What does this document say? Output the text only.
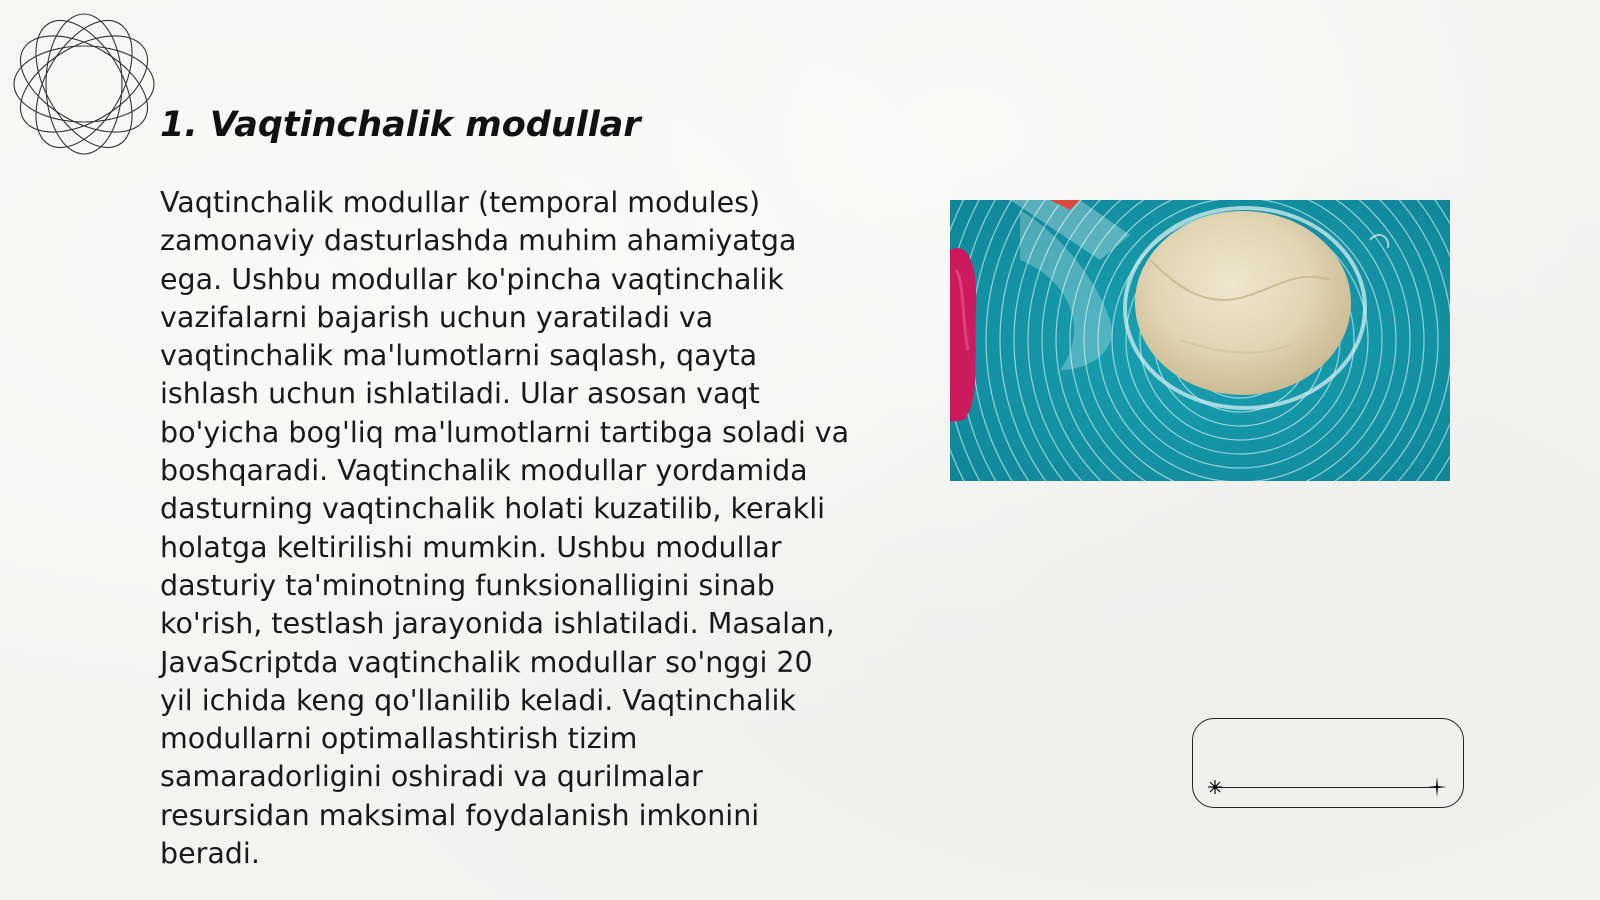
1. Vaqtinchalik modullar

Vaqtinchalik modullar (temporal modules) zamonaviy dasturlashda muhim ahamiyatga ega. Ushbu modullar ko'pincha vaqtinchalik vazifalarni bajarish uchun yaratiladi va vaqtinchalik ma'lumotlarni saqlash, qayta ishlash uchun ishlatiladi. Ular asosan vaqt bo'yicha bog'liq ma'lumotlarni tartibga soladi va boshqaradi. Vaqtinchalik modullar yordamida dasturning vaqtinchalik holati kuzatilib, kerakli holatga keltirilishi mumkin. Ushbu modullar dasturiy ta'minotning funksionalligini sinab ko'rish, testlash jarayonida ishlatiladi. Masalan, JavaScriptda vaqtinchalik modullar so'nggi 20 yil ichida keng qo'llanilib keladi. Vaqtinchalik modullarni optimallashtirish tizim samaradorligini oshiradi va qurilmalar resursidan maksimal foydalanish imkonini beradi.
